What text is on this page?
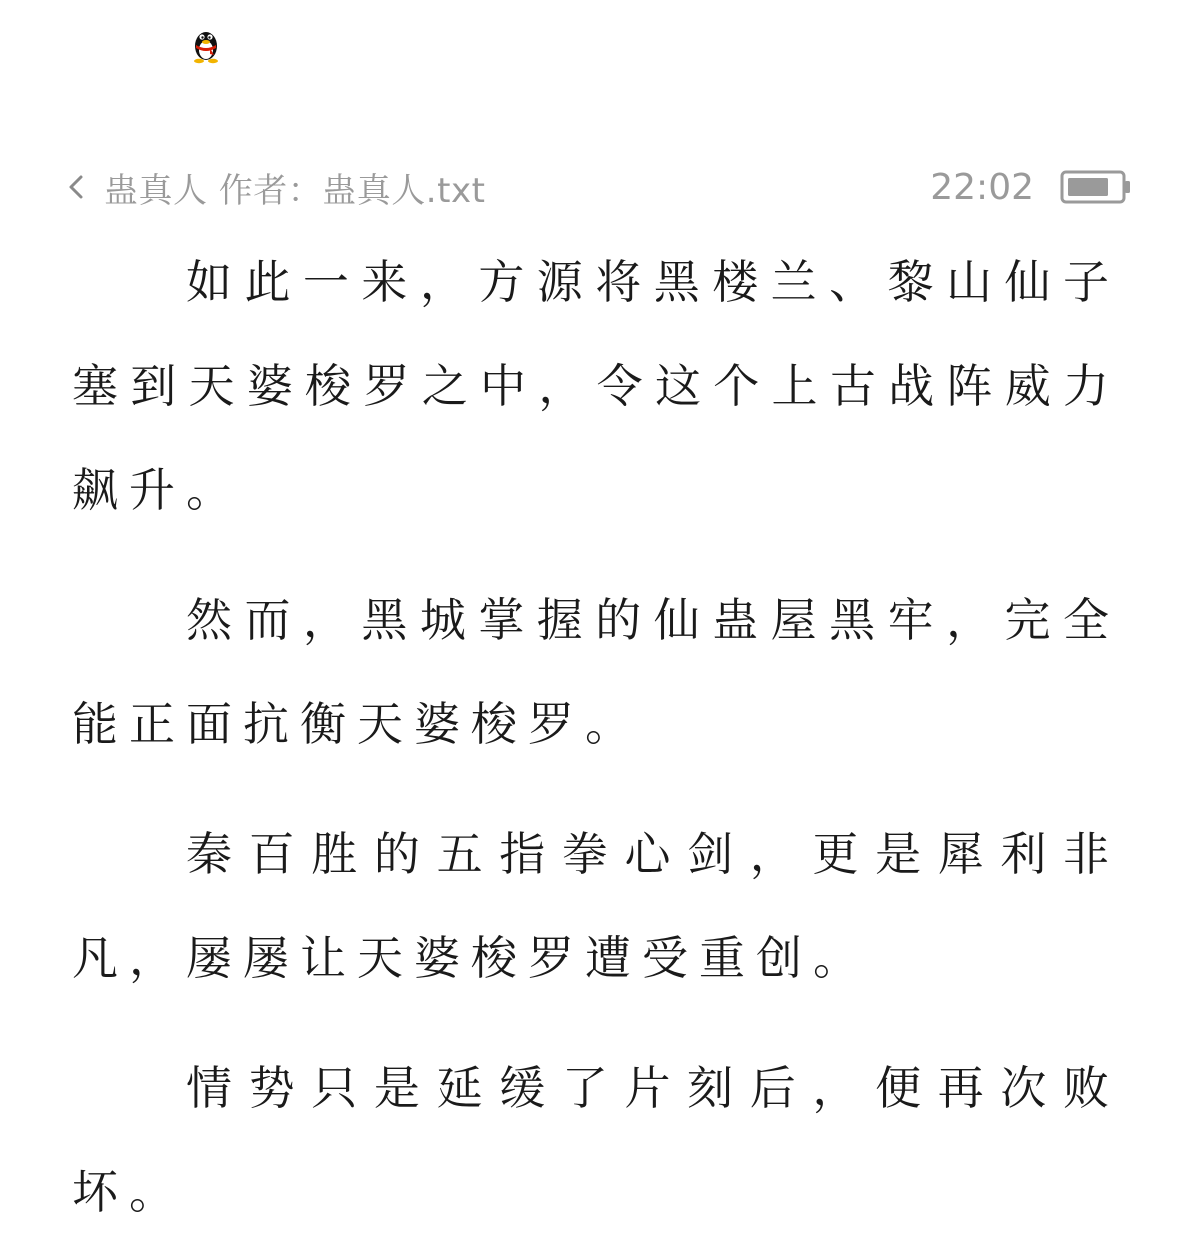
蛊真人 作者：蛊真人.txt	22:02

如此一来，方源将黑楼兰、黎山仙子塞到天婆梭罗之中，令这个上古战阵威力飙升。

然而，黑城掌握的仙蛊屋黑牢，完全能正面抗衡天婆梭罗。

秦百胜的五指拳心剑，更是犀利非凡，屡屡让天婆梭罗遭受重创。

情势只是延缓了片刻后，便再次败坏。
